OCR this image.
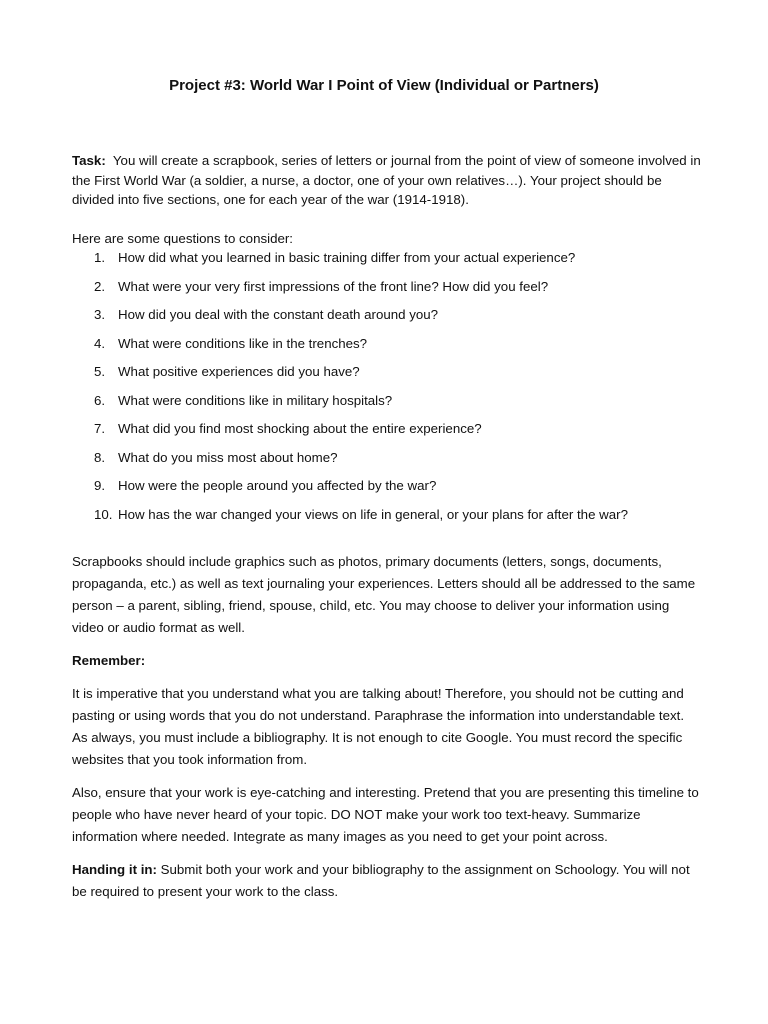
Project #3: World War I Point of View (Individual or Partners)

Task: You will create a scrapbook, series of letters or journal from the point of view of someone involved in the First World War (a soldier, a nurse, a doctor, one of your own relatives…). Your project should be divided into five sections, one for each year of the war (1914-1918).

Here are some questions to consider:

1. How did what you learned in basic training differ from your actual experience?
2. What were your very first impressions of the front line? How did you feel?
3. How did you deal with the constant death around you?
4. What were conditions like in the trenches?
5. What positive experiences did you have?
6. What were conditions like in military hospitals?
7. What did you find most shocking about the entire experience?
8. What do you miss most about home?
9. How were the people around you affected by the war?
10. How has the war changed your views on life in general, or your plans for after the war?

Scrapbooks should include graphics such as photos, primary documents (letters, songs, documents, propaganda, etc.) as well as text journaling your experiences. Letters should all be addressed to the same person – a parent, sibling, friend, spouse, child, etc. You may choose to deliver your information using video or audio format as well.

Remember:

It is imperative that you understand what you are talking about! Therefore, you should not be cutting and pasting or using words that you do not understand. Paraphrase the information into understandable text. As always, you must include a bibliography. It is not enough to cite Google. You must record the specific websites that you took information from.

Also, ensure that your work is eye-catching and interesting. Pretend that you are presenting this timeline to people who have never heard of your topic. DO NOT make your work too text-heavy. Summarize information where needed. Integrate as many images as you need to get your point across.

Handing it in: Submit both your work and your bibliography to the assignment on Schoology. You will not be required to present your work to the class.
